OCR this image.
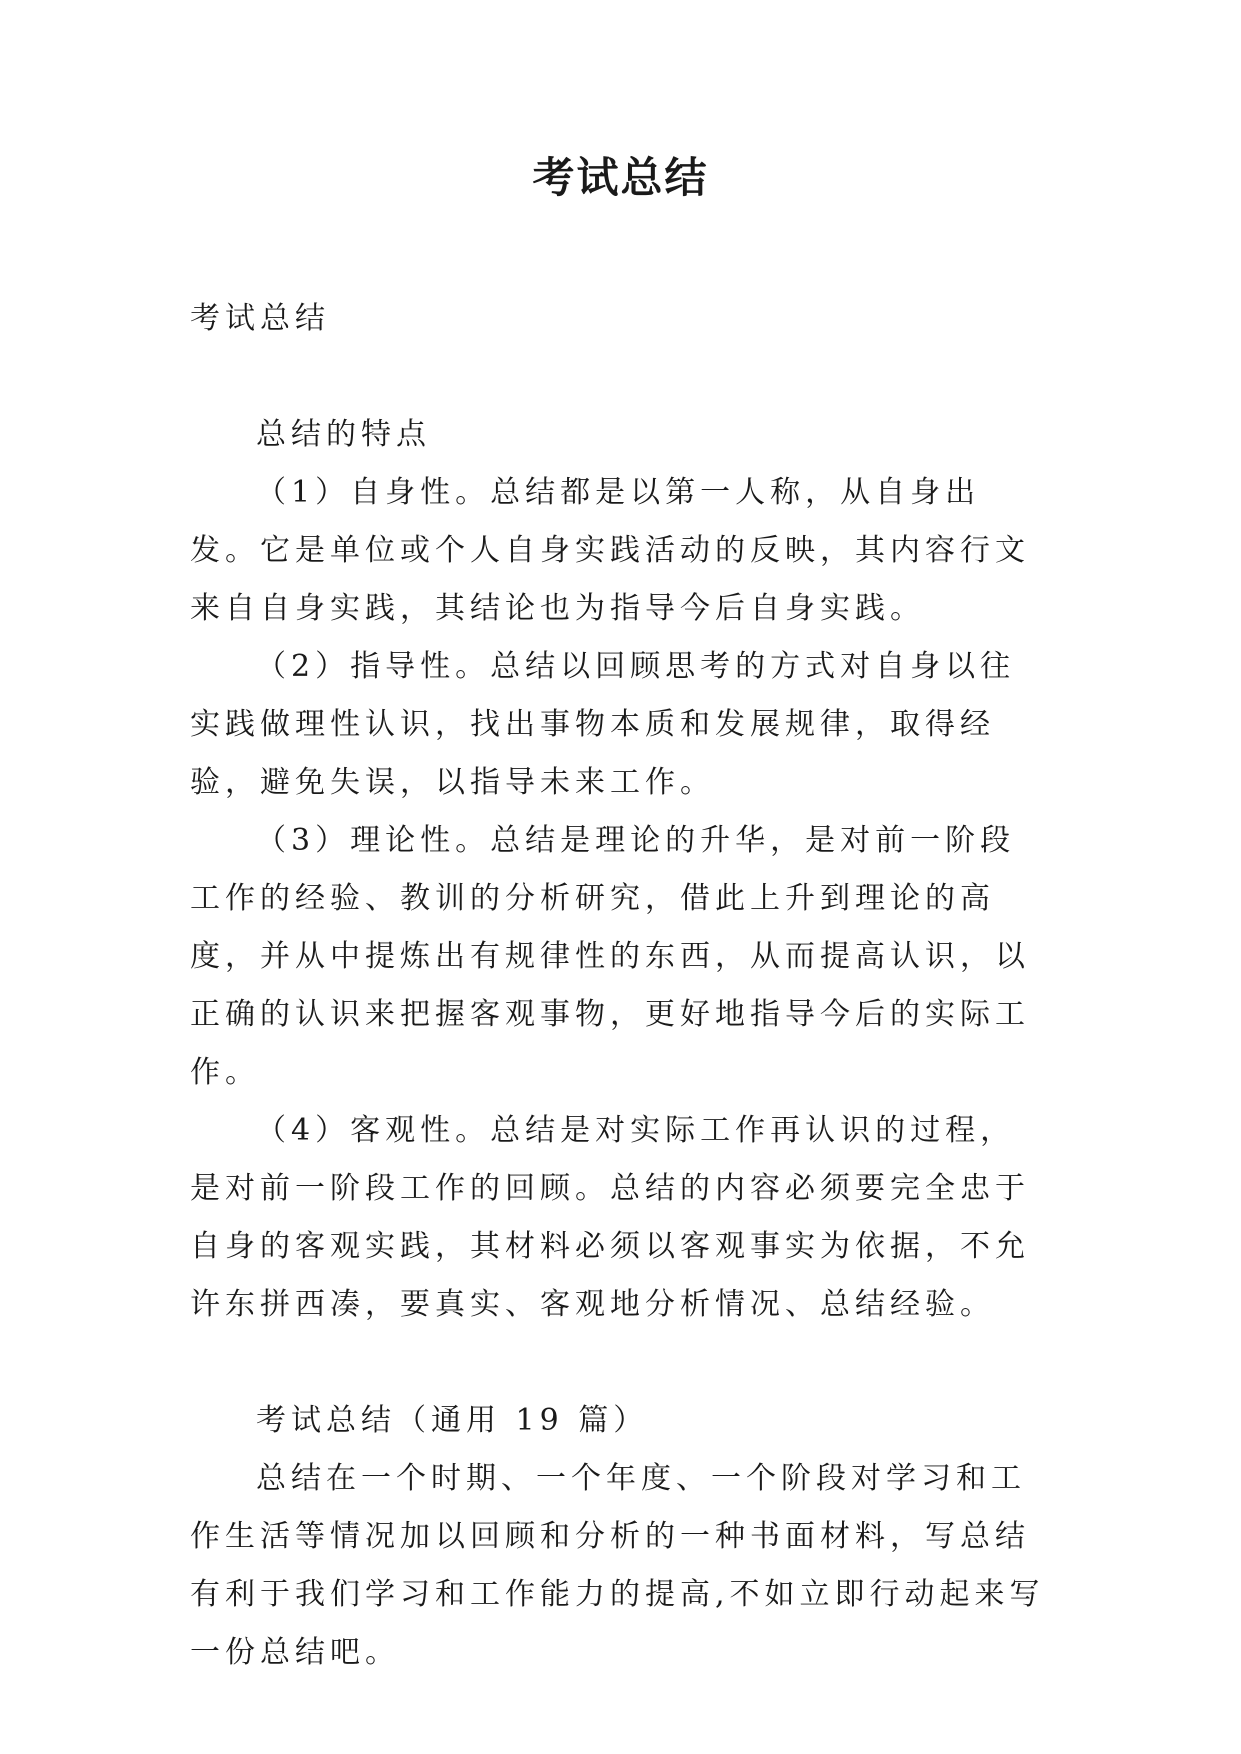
考试总结

考试总结

总结的特点

（1）自身性。总结都是以第一人称，从自身出发。它是单位或个人自身实践活动的反映，其内容行文来自自身实践，其结论也为指导今后自身实践。

（2）指导性。总结以回顾思考的方式对自身以往实践做理性认识，找出事物本质和发展规律，取得经验，避免失误，以指导未来工作。

（3）理论性。总结是理论的升华，是对前一阶段工作的经验、教训的分析研究，借此上升到理论的高度，并从中提炼出有规律性的东西，从而提高认识，以正确的认识来把握客观事物，更好地指导今后的实际工作。

（4）客观性。总结是对实际工作再认识的过程，是对前一阶段工作的回顾。总结的内容必须要完全忠于自身的客观实践，其材料必须以客观事实为依据，不允许东拼西凑，要真实、客观地分析情况、总结经验。

考试总结（通用 19 篇）

总结在一个时期、一个年度、一个阶段对学习和工作生活等情况加以回顾和分析的一种书面材料，写总结有利于我们学习和工作能力的提高,不如立即行动起来写一份总结吧。
